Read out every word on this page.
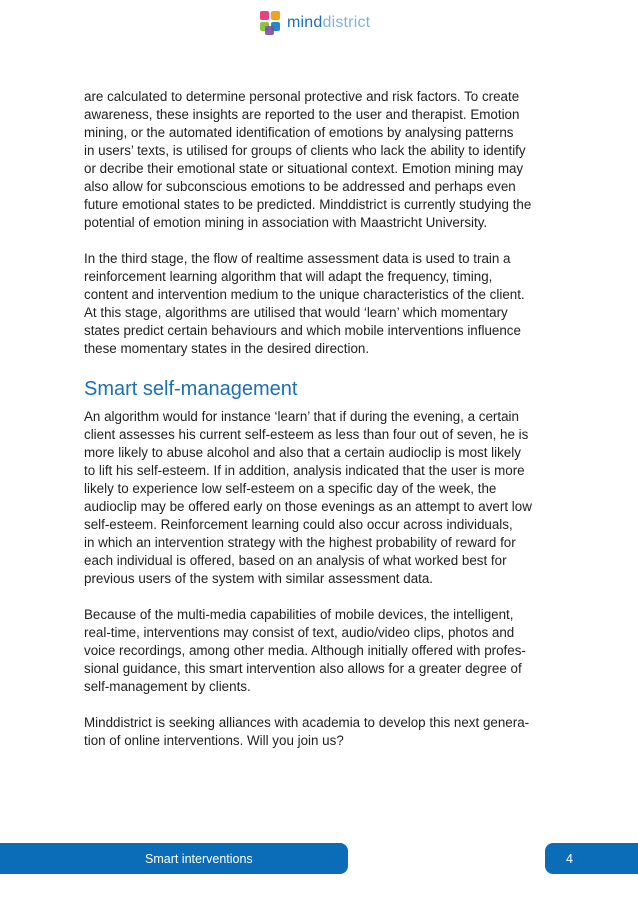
minddistrict

are calculated to determine personal protective and risk factors. To create
awareness, these insights are reported to the user and therapist. Emotion
mining, or the automated identification of emotions by analysing patterns
in users’ texts, is utilised for groups of clients who lack the ability to identify
or decribe their emotional state or situational context. Emotion mining may
also allow for subconscious emotions to be addressed and perhaps even
future emotional states to be predicted. Minddistrict is currently studying the
potential of emotion mining in association with Maastricht University.

In the third stage, the flow of realtime assessment data is used to train a
reinforcement learning algorithm that will adapt the frequency, timing,
content and intervention medium to the unique characteristics of the client.
At this stage, algorithms are utilised that would ‘learn’ which momentary
states predict certain behaviours and which mobile interventions influence
these momentary states in the desired direction.

Smart self-management

An algorithm would for instance ‘learn’ that if during the evening, a certain
client assesses his current self-esteem as less than four out of seven, he is
more likely to abuse alcohol and also that a certain audioclip is most likely
to lift his self-esteem. If in addition, analysis indicated that the user is more
likely to experience low self-esteem on a specific day of the week, the
audioclip may be offered early on those evenings as an attempt to avert low
self-esteem. Reinforcement learning could also occur across individuals,
in which an intervention strategy with the highest probability of reward for
each individual is offered, based on an analysis of what worked best for
previous users of the system with similar assessment data.

Because of the multi-media capabilities of mobile devices, the intelligent,
real-time, interventions may consist of text, audio/video clips, photos and
voice recordings, among other media. Although initially offered with profes-
sional guidance, this smart intervention also allows for a greater degree of
self-management by clients.

Minddistrict is seeking alliances with academia to develop this next genera-
tion of online interventions. Will you join us?

Smart interventions	4
